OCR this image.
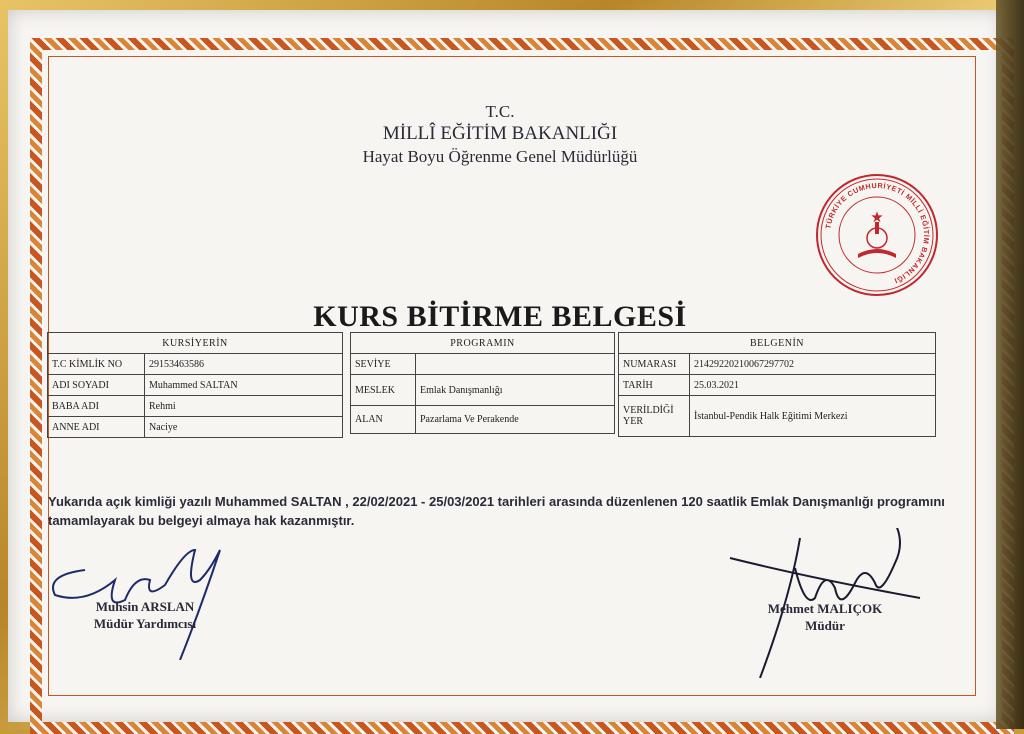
T.C.
MİLLÎ EĞİTİM BAKANLIĞI
Hayat Boyu Öğrenme Genel Müdürlüğü
TÜRKİYE CUMHURİYETİ MİLLİ EĞİTİM BAKANLIĞI
KURS BİTİRME BELGESİ
KURSİYERİN	
T.C KİMLİK NO	29153463586
ADI SOYADI	Muhammed SALTAN
BABA ADI	Rehmi
ANNE ADI	Naciye
PROGRAMIN	
SEVİYE	
MESLEK	Emlak Danışmanlığı
ALAN	Pazarlama Ve Perakende
BELGENİN	
NUMARASI	21429220210067297702
TARİH	25.03.2021
VERİLDİĞİ YER	İstanbul-Pendik Halk Eğitimi Merkezi
Yukarıda açık kimliği yazılı Muhammed SALTAN , 22/02/2021 - 25/03/2021 tarihleri arasında düzenlenen 120 saatlik Emlak Danışmanlığı programını tamamlayarak bu belgeyi almaya hak kazanmıştır.
Muhsin ARSLAN
Müdür Yardımcısı
Mehmet MALIÇOK
Müdür
